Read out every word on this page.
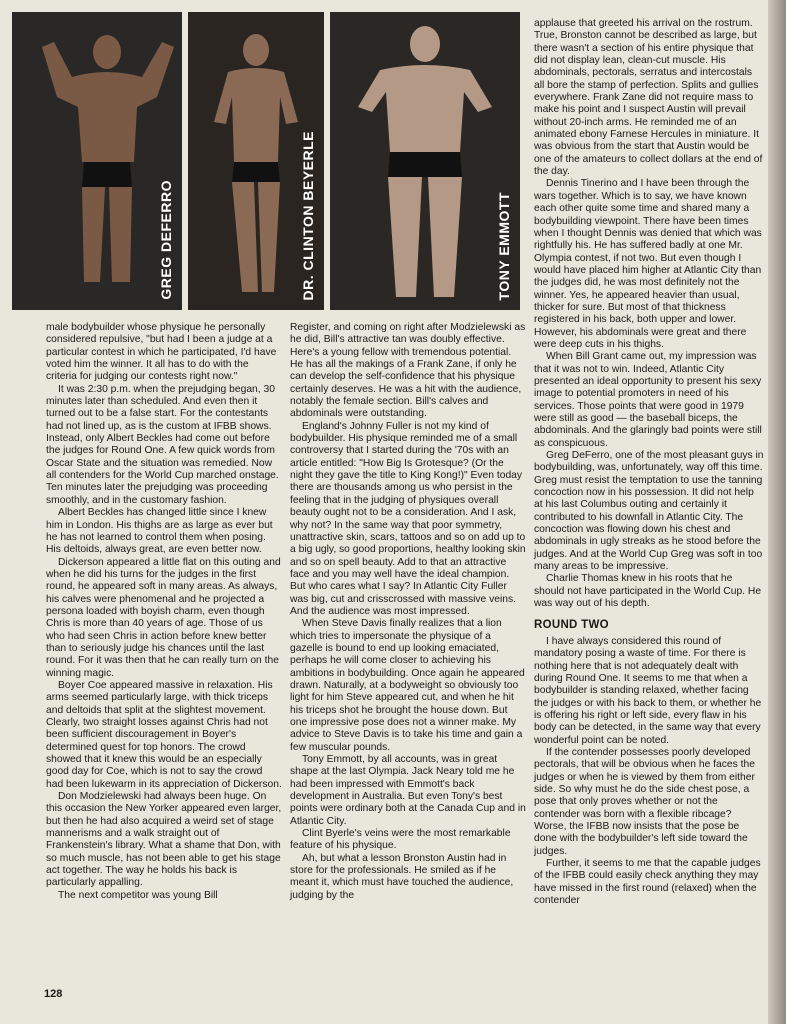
GREG DEFERRO	DR. CLINTON BEYERLE	TONY EMMOTT

male bodybuilder whose physique he personally considered repulsive, "but had I been a judge at a particular contest in which he participated, I'd have voted him the winner. It all has to do with the criteria for judging our contests right now."

It was 2:30 p.m. when the prejudging began, 30 minutes later than scheduled. And even then it turned out to be a false start. For the contestants had not lined up, as is the custom at IFBB shows. Instead, only Albert Beckles had come out before the judges for Round One. A few quick words from Oscar State and the situation was remedied. Now all contenders for the World Cup marched onstage. Ten minutes later the prejudging was proceeding smoothly, and in the customary fashion.

Albert Beckles has changed little since I knew him in London. His thighs are as large as ever but he has not learned to control them when posing. His deltoids, always great, are even better now.

Dickerson appeared a little flat on this outing and when he did his turns for the judges in the first round, he appeared soft in many areas. As always, his calves were phenomenal and he projected a persona loaded with boyish charm, even though Chris is more than 40 years of age. Those of us who had seen Chris in action before knew better than to seriously judge his chances until the last round. For it was then that he can really turn on the winning magic.

Boyer Coe appeared massive in relaxation. His arms seemed particularly large, with thick triceps and deltoids that split at the slightest movement. Clearly, two straight losses against Chris had not been sufficient discouragement in Boyer's determined quest for top honors. The crowd showed that it knew this would be an especially good day for Coe, which is not to say the crowd had been lukewarm in its appreciation of Dickerson.

Don Modzielewski had always been huge. On this occasion the New Yorker appeared even larger, but then he had also acquired a weird set of stage mannerisms and a walk straight out of Frankenstein's library. What a shame that Don, with so much muscle, has not been able to get his stage act together. The way he holds his back is particularly appalling.

The next competitor was young Bill

Register, and coming on right after Modzielewski as he did, Bill's attractive tan was doubly effective. Here's a young fellow with tremendous potential. He has all the makings of a Frank Zane, if only he can develop the self-confidence that his physique certainly deserves. He was a hit with the audience, notably the female section. Bill's calves and abdominals were outstanding.

England's Johnny Fuller is not my kind of bodybuilder. His physique reminded me of a small controversy that I started during the '70s with an article entitled: "How Big Is Grotesque? (Or the night they gave the title to King Kong!)" Even today there are thousands among us who persist in the feeling that in the judging of physiques overall beauty ought not to be a consideration. And I ask, why not? In the same way that poor symmetry, unattractive skin, scars, tattoos and so on add up to a big ugly, so good proportions, healthy looking skin and so on spell beauty. Add to that an attractive face and you may well have the ideal champion. But who cares what I say? In Atlantic City Fuller was big, cut and crisscrossed with massive veins. And the audience was most impressed.

When Steve Davis finally realizes that a lion which tries to impersonate the physique of a gazelle is bound to end up looking emaciated, perhaps he will come closer to achieving his ambitions in bodybuilding. Once again he appeared drawn. Naturally, at a bodyweight so obviously too light for him Steve appeared cut, and when he hit his triceps shot he brought the house down. But one impressive pose does not a winner make. My advice to Steve Davis is to take his time and gain a few muscular pounds.

Tony Emmott, by all accounts, was in great shape at the last Olympia. Jack Neary told me he had been impressed with Emmott's back development in Australia. But even Tony's best points were ordinary both at the Canada Cup and in Atlantic City.

Clint Byerle's veins were the most remarkable feature of his physique.

Ah, but what a lesson Bronston Austin had in store for the professionals. He smiled as if he meant it, which must have touched the audience, judging by the

applause that greeted his arrival on the rostrum. True, Bronston cannot be described as large, but there wasn't a section of his entire physique that did not display lean, clean-cut muscle. His abdominals, pectorals, serratus and intercostals all bore the stamp of perfection. Splits and gullies everywhere. Frank Zane did not require mass to make his point and I suspect Austin will prevail without 20-inch arms. He reminded me of an animated ebony Farnese Hercules in miniature. It was obvious from the start that Austin would be one of the amateurs to collect dollars at the end of the day.

Dennis Tinerino and I have been through the wars together. Which is to say, we have known each other quite some time and shared many a bodybuilding viewpoint. There have been times when I thought Dennis was denied that which was rightfully his. He has suffered badly at one Mr. Olympia contest, if not two. But even though I would have placed him higher at Atlantic City than the judges did, he was most definitely not the winner. Yes, he appeared heavier than usual, thicker for sure. But most of that thickness registered in his back, both upper and lower. However, his abdominals were great and there were deep cuts in his thighs.

When Bill Grant came out, my impression was that it was not to win. Indeed, Atlantic City presented an ideal opportunity to present his sexy image to potential promoters in need of his services. Those points that were good in 1979 were still as good — the baseball biceps, the abdominals. And the glaringly bad points were still as conspicuous.

Greg DeFerro, one of the most pleasant guys in bodybuilding, was, unfortunately, way off this time. Greg must resist the temptation to use the tanning concoction now in his possession. It did not help at his last Columbus outing and certainly it contributed to his downfall in Atlantic City. The concoction was flowing down his chest and abdominals in ugly streaks as he stood before the judges. And at the World Cup Greg was soft in too many areas to be impressive.

Charlie Thomas knew in his roots that he should not have participated in the World Cup. He was way out of his depth.

ROUND TWO

I have always considered this round of mandatory posing a waste of time. For there is nothing here that is not adequately dealt with during Round One. It seems to me that when a bodybuilder is standing relaxed, whether facing the judges or with his back to them, or whether he is offering his right or left side, every flaw in his body can be detected, in the same way that every wonderful point can be noted.

If the contender possesses poorly developed pectorals, that will be obvious when he faces the judges or when he is viewed by them from either side. So why must he do the side chest pose, a pose that only proves whether or not the contender was born with a flexible ribcage? Worse, the IFBB now insists that the pose be done with the bodybuilder's left side toward the judges.

Further, it seems to me that the capable judges of the IFBB could easily check anything they may have missed in the first round (relaxed) when the contender

128
